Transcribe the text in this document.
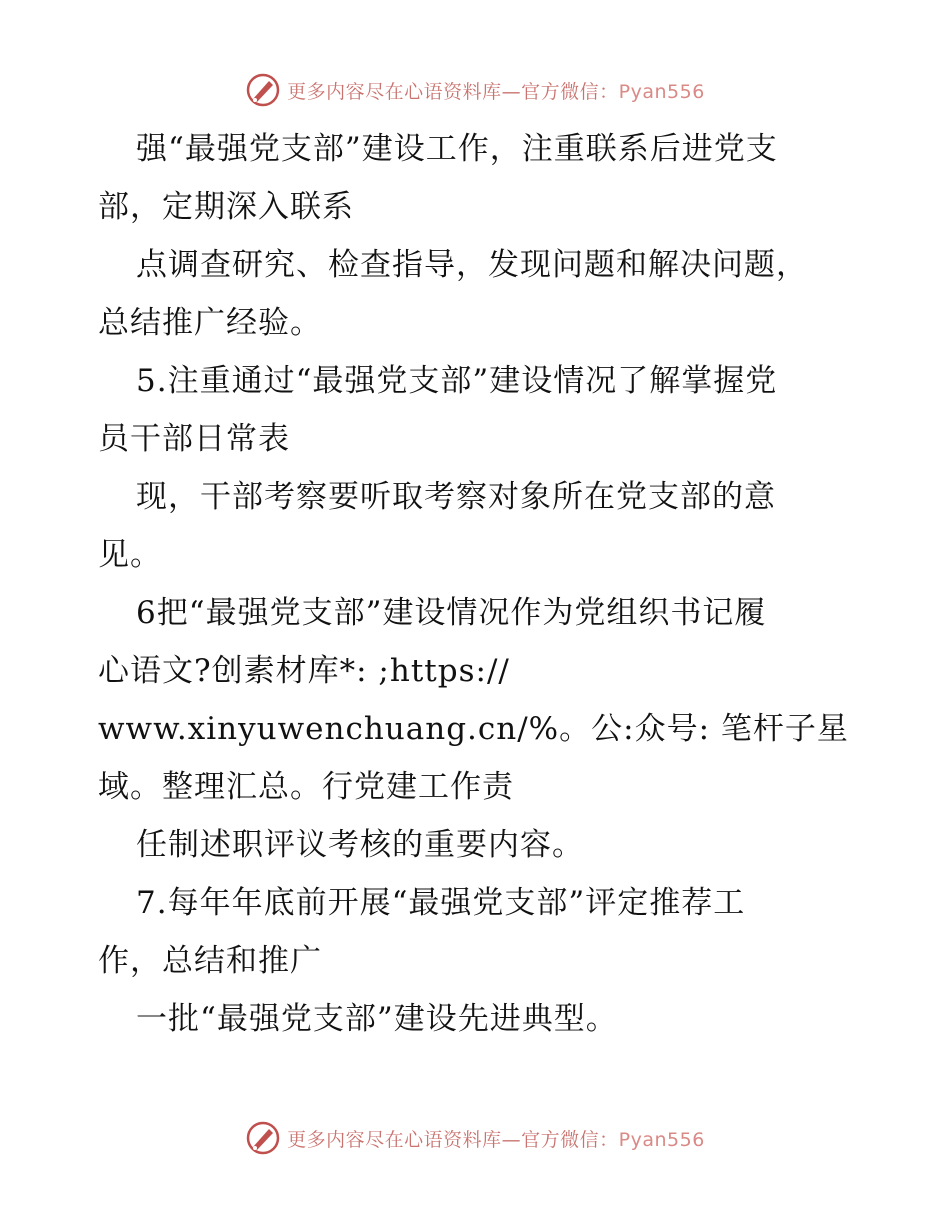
更多内容尽在心语资料库—官方微信：Pyan556
强“最强党支部”建设工作，注重联系后进党支
部，定期深入联系
点调查研究、检查指导，发现问题和解决问题，
总结推广经验。
5.注重通过“最强党支部”建设情况了解掌握党
员干部日常表
现，干部考察要听取考察对象所在党支部的意
见。
6把“最强党支部”建设情况作为党组织书记履
心语文?创素材库*: ;https://
www.xinyuwenchuang.cn/%。公:众号: 笔杆子星
域。整理汇总。行党建工作责
任制述职评议考核的重要内容。
7.每年年底前开展“最强党支部”评定推荐工
作，总结和推广
一批“最强党支部”建设先进典型。
更多内容尽在心语资料库—官方微信：Pyan556
